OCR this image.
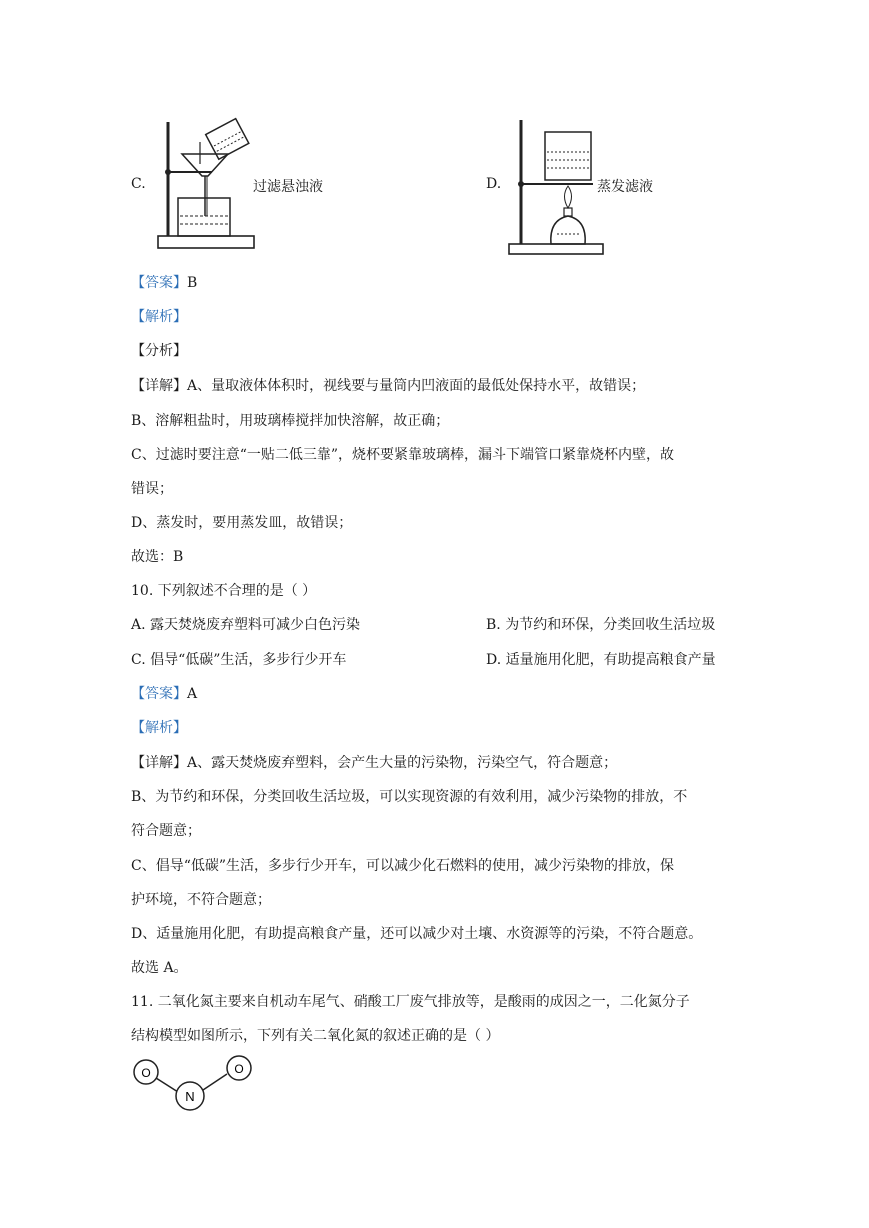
C.	过滤悬浊液	D.	蒸发滤液
【答案】B
【解析】
【分析】
【详解】A、量取液体体积时，视线要与量筒内凹液面的最低处保持水平，故错误；
B、溶解粗盐时，用玻璃棒搅拌加快溶解，故正确；
C、过滤时要注意“一贴二低三靠”，烧杯要紧靠玻璃棒，漏斗下端管口紧靠烧杯内壁，故
错误；
D、蒸发时，要用蒸发皿，故错误；
故选：B
10. 下列叙述不合理的是（ ）
A. 露天焚烧废弃塑料可减少白色污染	B. 为节约和环保，分类回收生活垃圾
C. 倡导“低碳”生活，多步行少开车	D. 适量施用化肥，有助提高粮食产量
【答案】A
【解析】
【详解】A、露天焚烧废弃塑料，会产生大量的污染物，污染空气，符合题意；
B、为节约和环保，分类回收生活垃圾，可以实现资源的有效利用，减少污染物的排放，不
符合题意；
C、倡导“低碳”生活，多步行少开车，可以减少化石燃料的使用，减少污染物的排放，保
护环境，不符合题意；
D、适量施用化肥，有助提高粮食产量，还可以减少对土壤、水资源等的污染，不符合题意。
故选 A。
11. 二氧化氮主要来自机动车尾气、硝酸工厂废气排放等，是酸雨的成因之一，二化氮分子
结构模型如图所示，下列有关二氧化氮的叙述正确的是（ ）
O
N
O
